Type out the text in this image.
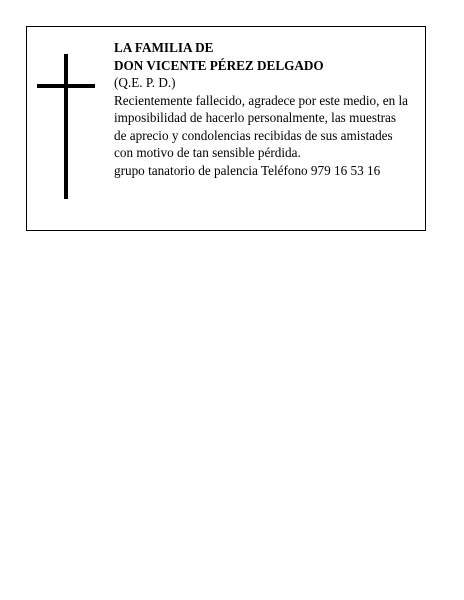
LA FAMILIA DE
DON VICENTE PÉREZ DELGADO
(Q.E. P. D.)
Recientemente fallecido, agradece por este medio, en la
imposibilidad de hacerlo personalmente, las muestras
de aprecio y condolencias recibidas de sus amistades
con motivo de tan sensible pérdida.
grupo tanatorio de palencia Teléfono 979 16 53 16
